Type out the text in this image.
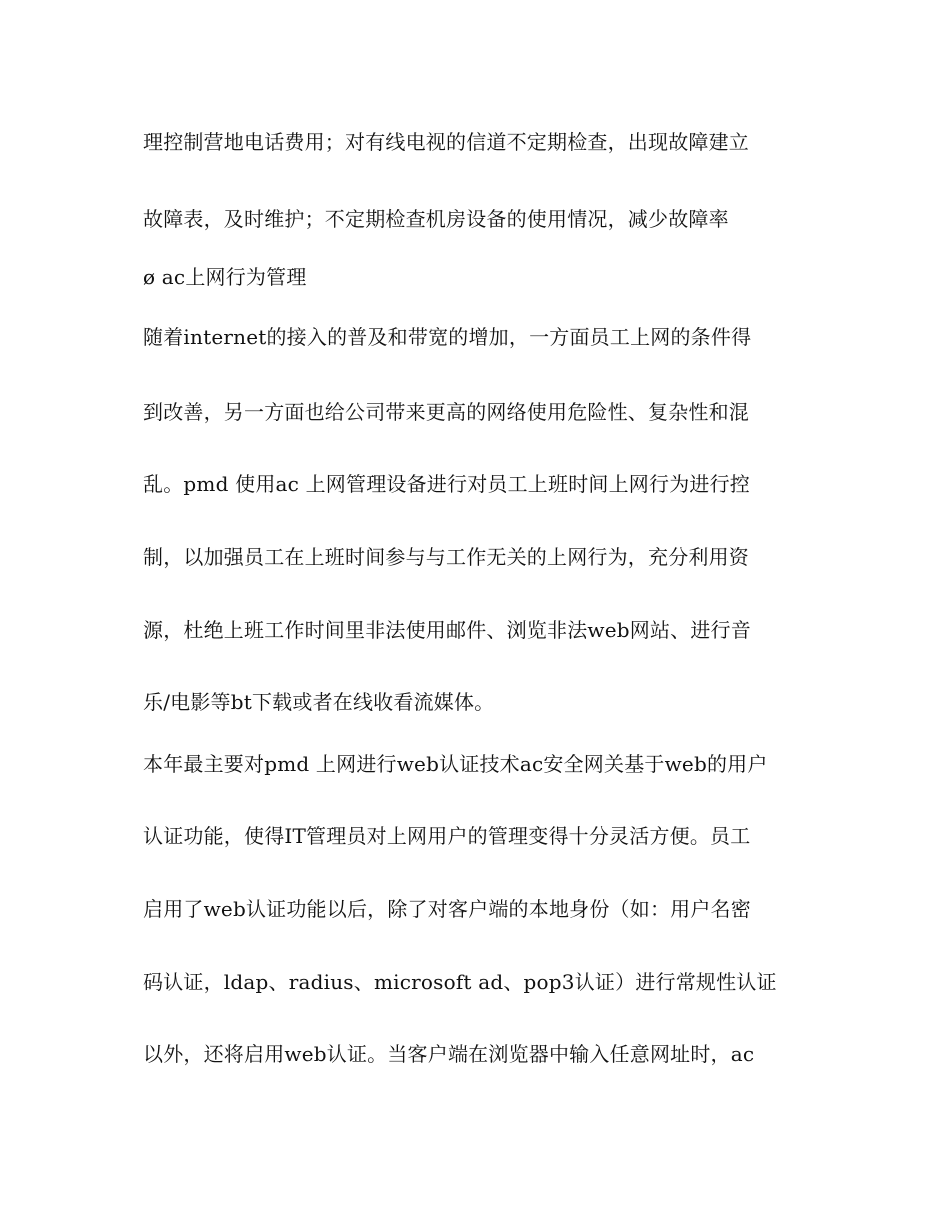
理控制营地电话费用；对有线电视的信道不定期检查，出现故障建立
故障表，及时维护；不定期检查机房设备的使用情况，减少故障率
ø ac上网行为管理
随着internet的接入的普及和带宽的增加，一方面员工上网的条件得
到改善，另一方面也给公司带来更高的网络使用危险性、复杂性和混
乱。pmd 使用ac 上网管理设备进行对员工上班时间上网行为进行控
制，以加强员工在上班时间参与与工作无关的上网行为，充分利用资
源，杜绝上班工作时间里非法使用邮件、浏览非法web网站、进行音
乐/电影等bt下载或者在线收看流媒体。
本年最主要对pmd 上网进行web认证技术ac安全网关基于web的用户
认证功能，使得IT管理员对上网用户的管理变得十分灵活方便。员工
启用了web认证功能以后，除了对客户端的本地身份（如：用户名密
码认证，ldap、radius、microsoft ad、pop3认证）进行常规性认证
以外，还将启用web认证。当客户端在浏览器中输入任意网址时，ac
